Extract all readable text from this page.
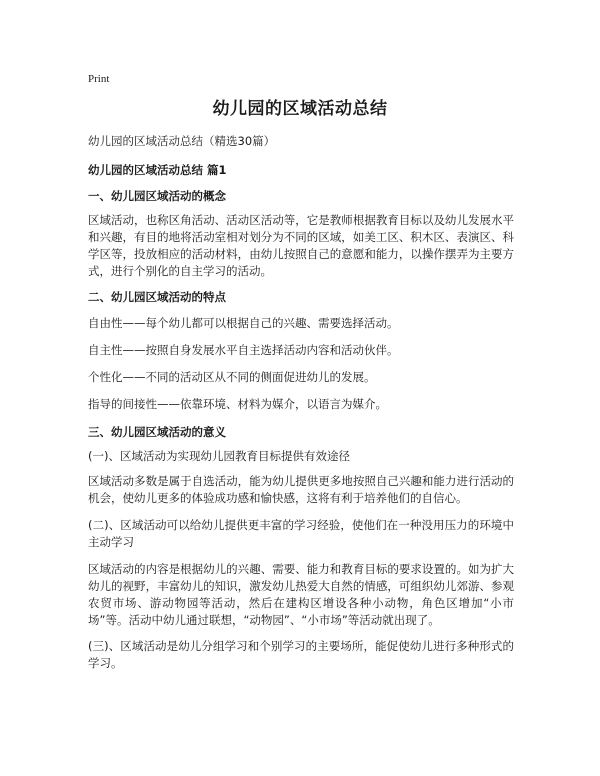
Print
幼儿园的区域活动总结
幼儿园的区域活动总结（精选30篇）
幼儿园的区域活动总结 篇1
一、幼儿园区域活动的概念
区域活动，也称区角活动、活动区活动等，它是教师根据教育目标以及幼儿发展水平和兴趣，有目的地将活动室相对划分为不同的区域，如美工区、积木区、表演区、科学区等，投放相应的活动材料，由幼儿按照自己的意愿和能力，以操作摆弄为主要方式，进行个别化的自主学习的活动。
二、幼儿园区域活动的特点
自由性——每个幼儿都可以根据自己的兴趣、需要选择活动。
自主性——按照自身发展水平自主选择活动内容和活动伙伴。
个性化——不同的活动区从不同的侧面促进幼儿的发展。
指导的间接性——依靠环境、材料为媒介，以语言为媒介。
三、幼儿园区域活动的意义
(一)、区域活动为实现幼儿园教育目标提供有效途径
区域活动多数是属于自选活动，能为幼儿提供更多地按照自己兴趣和能力进行活动的机会，使幼儿更多的体验成功感和愉快感，这将有利于培养他们的自信心。
(二)、区域活动可以给幼儿提供更丰富的学习经验，使他们在一种没用压力的环境中主动学习
区域活动的内容是根据幼儿的兴趣、需要、能力和教育目标的要求设置的。如为扩大幼儿的视野，丰富幼儿的知识，激发幼儿热爱大自然的情感，可组织幼儿郊游、参观农贸市场、游动物园等活动，然后在建构区增设各种小动物，角色区增加“小市场”等。活动中幼儿通过联想，“动物园”、“小市场”等活动就出现了。
(三)、区域活动是幼儿分组学习和个别学习的主要场所，能促使幼儿进行多种形式的学习。
